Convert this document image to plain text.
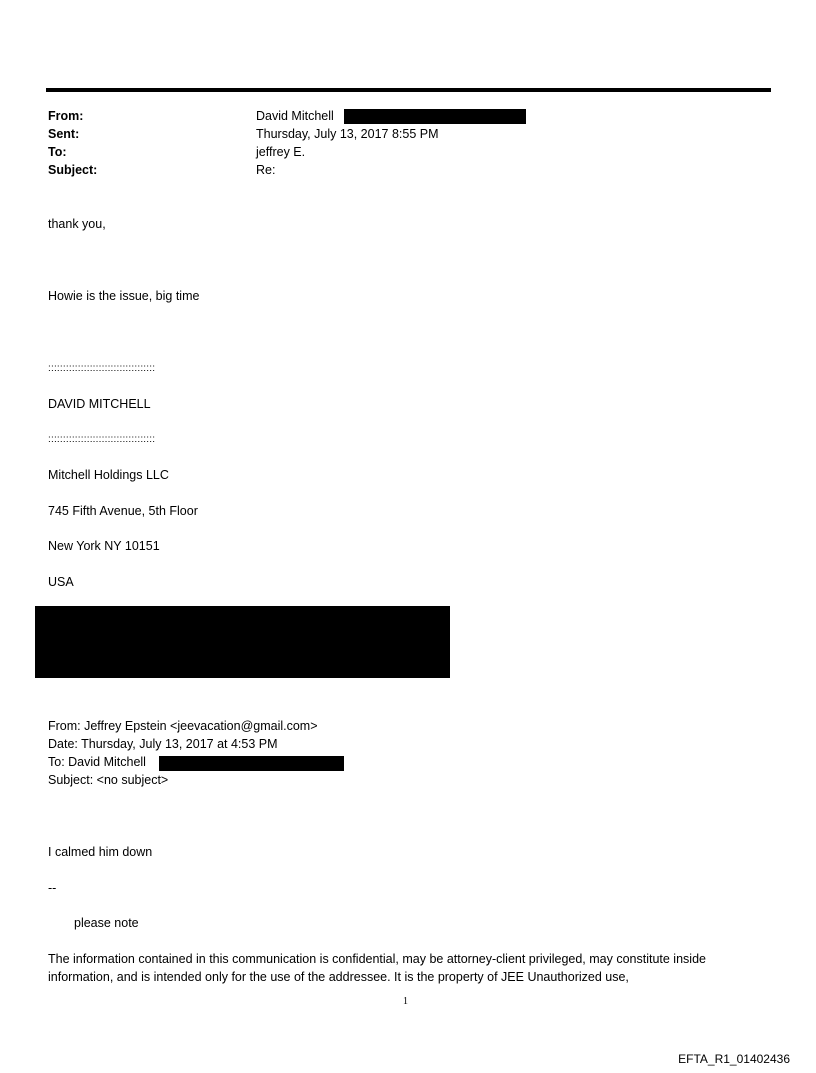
From:	David Mitchell
Sent:	Thursday, July 13, 2017 8:55 PM
To:	jeffrey E.
Subject:	Re:
thank you,
Howie is the issue, big time
::::::::::::::::::::::::::::::::::::
DAVID MITCHELL
::::::::::::::::::::::::::::::::::::
Mitchell Holdings LLC
745 Fifth Avenue, 5th Floor
New York NY 10151
USA
From: Jeffrey Epstein <jeevacation@gmail.com>
Date: Thursday, July 13, 2017 at 4:53 PM
To: David Mitchell
Subject: <no subject>
I calmed him down
--
please note
The information contained in this communication is confidential, may be attorney-client privileged, may constitute inside information, and is intended only for the use of the addressee. It is the property of JEE Unauthorized use,
1
EFTA_R1_01402436
